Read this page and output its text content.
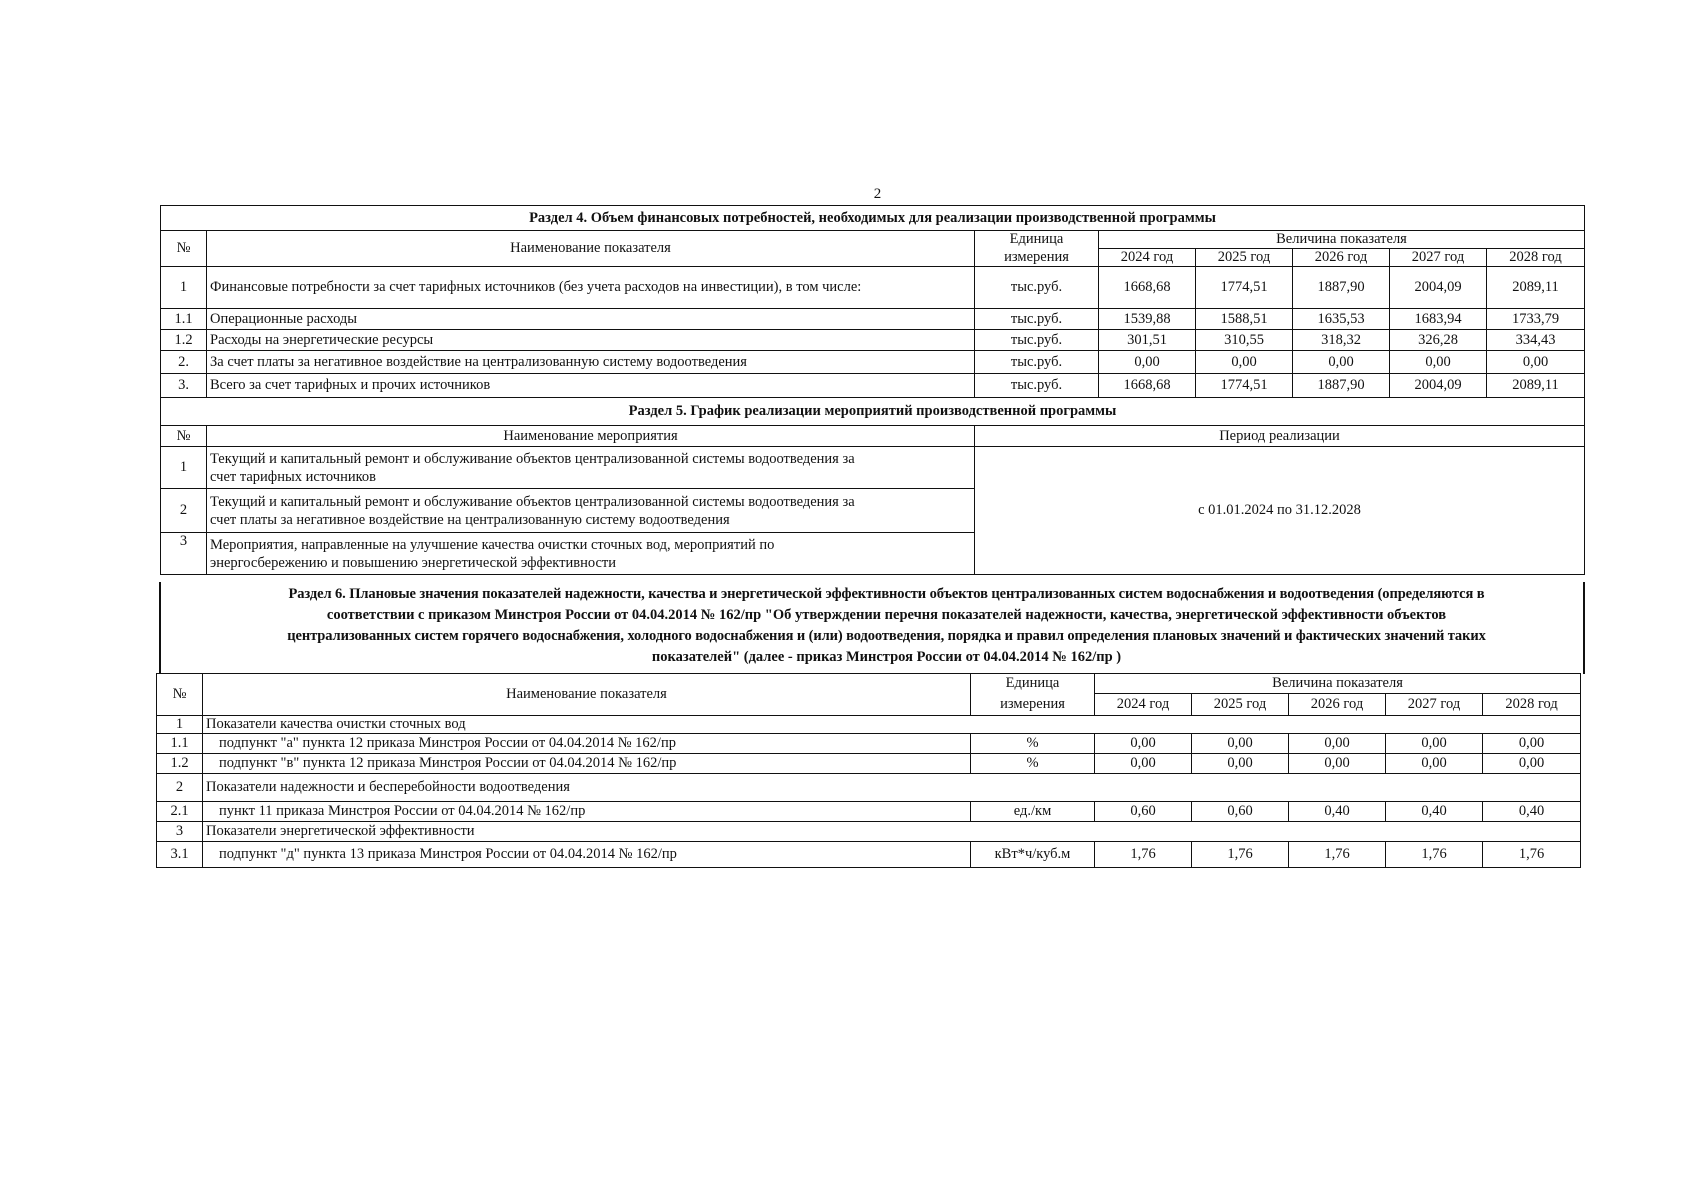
2
Раздел 4. Объем финансовых потребностей, необходимых для реализации производственной программы							
№	Наименование показателя	Единица	Величина показателя				
		измерения	2024 год	2025 год	2026 год	2027 год	2028 год
1	Финансовые потребности за счет тарифных источников (без учета расходов на инвестиции), в том числе:	тыс.руб.	1668,68	1774,51	1887,90	2004,09	2089,11
1.1	Операционные расходы	тыс.руб.	1539,88	1588,51	1635,53	1683,94	1733,79
1.2	Расходы на энергетические ресурсы	тыс.руб.	301,51	310,55	318,32	326,28	334,43
2.	За счет платы за негативное воздействие на централизованную систему водоотведения	тыс.руб.	0,00	0,00	0,00	0,00	0,00
3.	Всего за счет тарифных и прочих источников	тыс.руб.	1668,68	1774,51	1887,90	2004,09	2089,11
Раздел 5. График реализации мероприятий производственной программы							
№	Наименование мероприятия	Период реализации					
1	Текущий и капитальный ремонт и обслуживание объектов централизованной системы водоотведения за
счет тарифных источников	с 01.01.2024 по 31.12.2028					
2	Текущий и капитальный ремонт и обслуживание объектов централизованной системы водоотведения за
счет платы за негативное воздействие на централизованную систему водоотведения						

3	Мероприятия, направленные на улучшение качества очистки сточных вод, мероприятий по
энергосбережению и повышению энергетической эффективности						
Раздел 6. Плановые значения показателей надежности, качества и энергетической эффективности объектов централизованных систем водоснабжения и водоотведения (определяются в
соответствии с приказом Минстроя России от 04.04.2014 № 162/пр "Об утверждении перечня показателей надежности, качества, энергетической эффективности объектов
централизованных систем горячего водоснабжения, холодного водоснабжения и (или) водоотведения, порядка и правил определения плановых значений и фактических значений таких
показателей" (далее - приказ Минстроя России от 04.04.2014 № 162/пр )
№	Наименование показателя	Единица	Величина показателя				
		измерения	2024 год	2025 год	2026 год	2027 год	2028 год
1	Показатели качества очистки сточных вод						
1.1	подпункт "а" пункта 12 приказа Минстроя России от 04.04.2014 № 162/пр	%	0,00	0,00	0,00	0,00	0,00
1.2	подпункт "в" пункта 12 приказа Минстроя России от 04.04.2014 № 162/пр	%	0,00	0,00	0,00	0,00	0,00
2	Показатели надежности и бесперебойности водоотведения						
2.1	пункт 11 приказа Минстроя России от 04.04.2014 № 162/пр	ед./км	0,60	0,60	0,40	0,40	0,40
3	Показатели энергетической эффективности						
3.1	подпункт "д" пункта 13 приказа Минстроя России от 04.04.2014 № 162/пр	кВт*ч/куб.м	1,76	1,76	1,76	1,76	1,76
